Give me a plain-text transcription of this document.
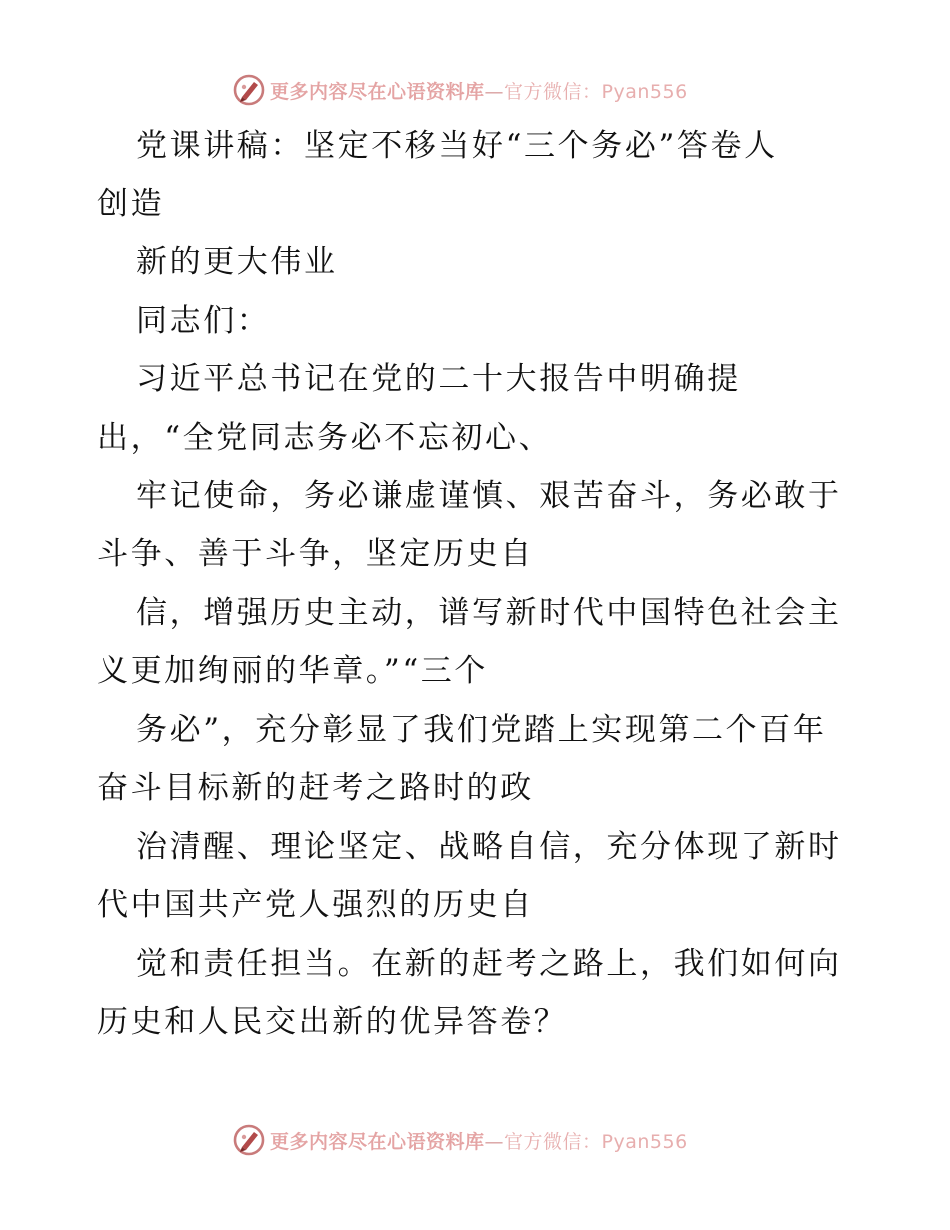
更多内容尽在心语资料库—官方微信：Pyan556
党课讲稿：坚定不移当好“三个务必”答卷人
创造
新的更大伟业
同志们：
习近平总书记在党的二十大报告中明确提
出，“全党同志务必不忘初心、
牢记使命，务必谦虚谨慎、艰苦奋斗，务必敢于
斗争、善于斗争，坚定历史自
信，增强历史主动，谱写新时代中国特色社会主
义更加绚丽的华章。”“三个
务必”，充分彰显了我们党踏上实现第二个百年
奋斗目标新的赶考之路时的政
治清醒、理论坚定、战略自信，充分体现了新时
代中国共产党人强烈的历史自
觉和责任担当。在新的赶考之路上，我们如何向
历史和人民交出新的优异答卷？
更多内容尽在心语资料库—官方微信：Pyan556
